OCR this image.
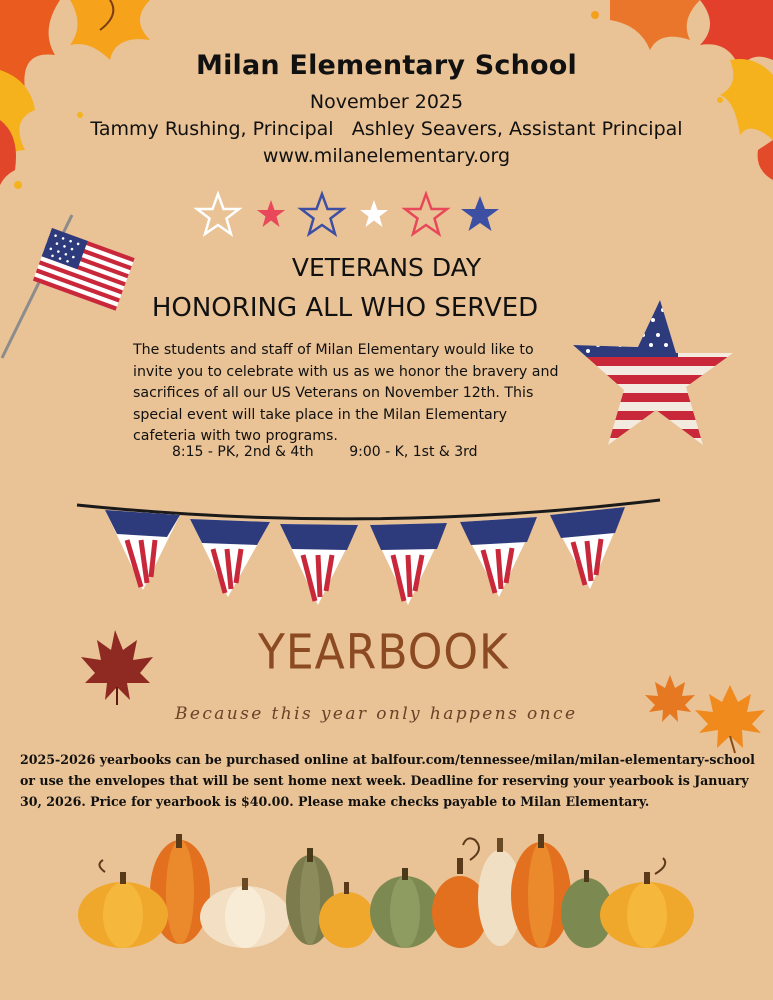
Milan Elementary School
November 2025
Tammy Rushing, Principal   Ashley Seavers, Assistant Principal
www.milanelementary.org
VETERANS DAY
HONORING ALL WHO SERVED
The students and staff of Milan Elementary would like to invite you to celebrate with us as we honor the bravery and sacrifices of all our US Veterans on November 12th. This special event will take place in the Milan Elementary cafeteria with two programs.
8:15 - PK, 2nd & 4th        9:00 - K, 1st & 3rd
YEARBOOK
Because this year only happens once
2025-2026 yearbooks can be purchased online at balfour.com/tennessee/milan/milan-elementary-school or use the envelopes that will be sent home next week. Deadline for reserving your yearbook is January 30, 2026. Price for yearbook is $40.00. Please make checks payable to Milan Elementary.
